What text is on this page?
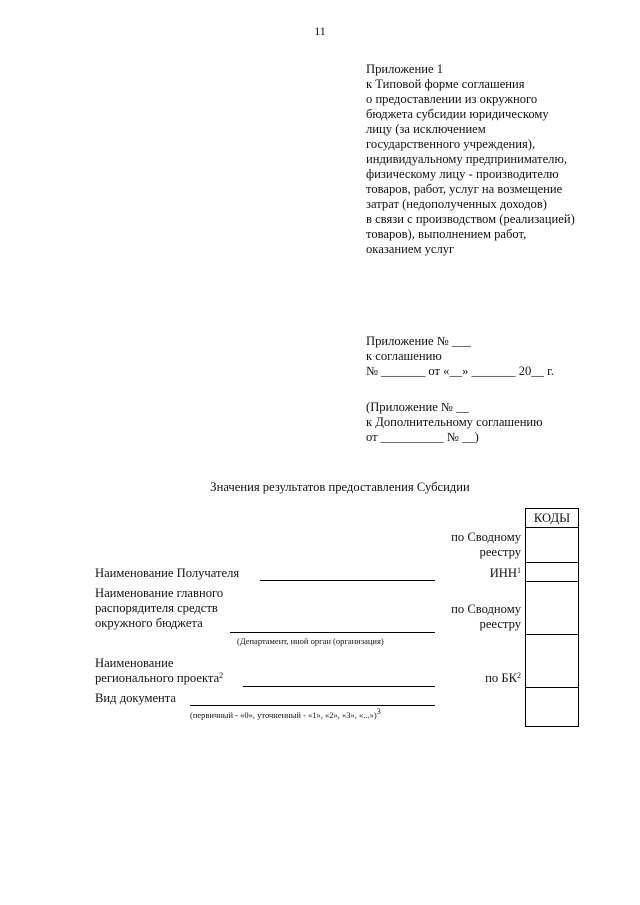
11
Приложение 1
к Типовой форме соглашения
о предоставлении из окружного
бюджета субсидии юридическому
лицу (за исключением
государственного учреждения),
индивидуальному предпринимателю,
физическому лицу - производителю
товаров, работ, услуг на возмещение
затрат (недополученных доходов)
в связи с производством (реализацией)
товаров), выполнением работ,
оказанием услуг
Приложение № ___
к соглашению
№ _______ от «__» _______ 20__ г.
(Приложение № __
к Дополнительному соглашению
от __________ № __)
Значения результатов предоставления Субсидии
КОДЫ
по Сводному
реестру
ИНН$^1$
по Сводному
реестру
по $БК^2$
Наименование Получателя
Наименование главного
распорядителя средств
окружного бюджета
(Департамент, иной орган (организация)
Наименование
регионального проекта$^2$
Вид документа
(первичный - «0», уточненный - «1», «2», «3», «...»)$^3$
